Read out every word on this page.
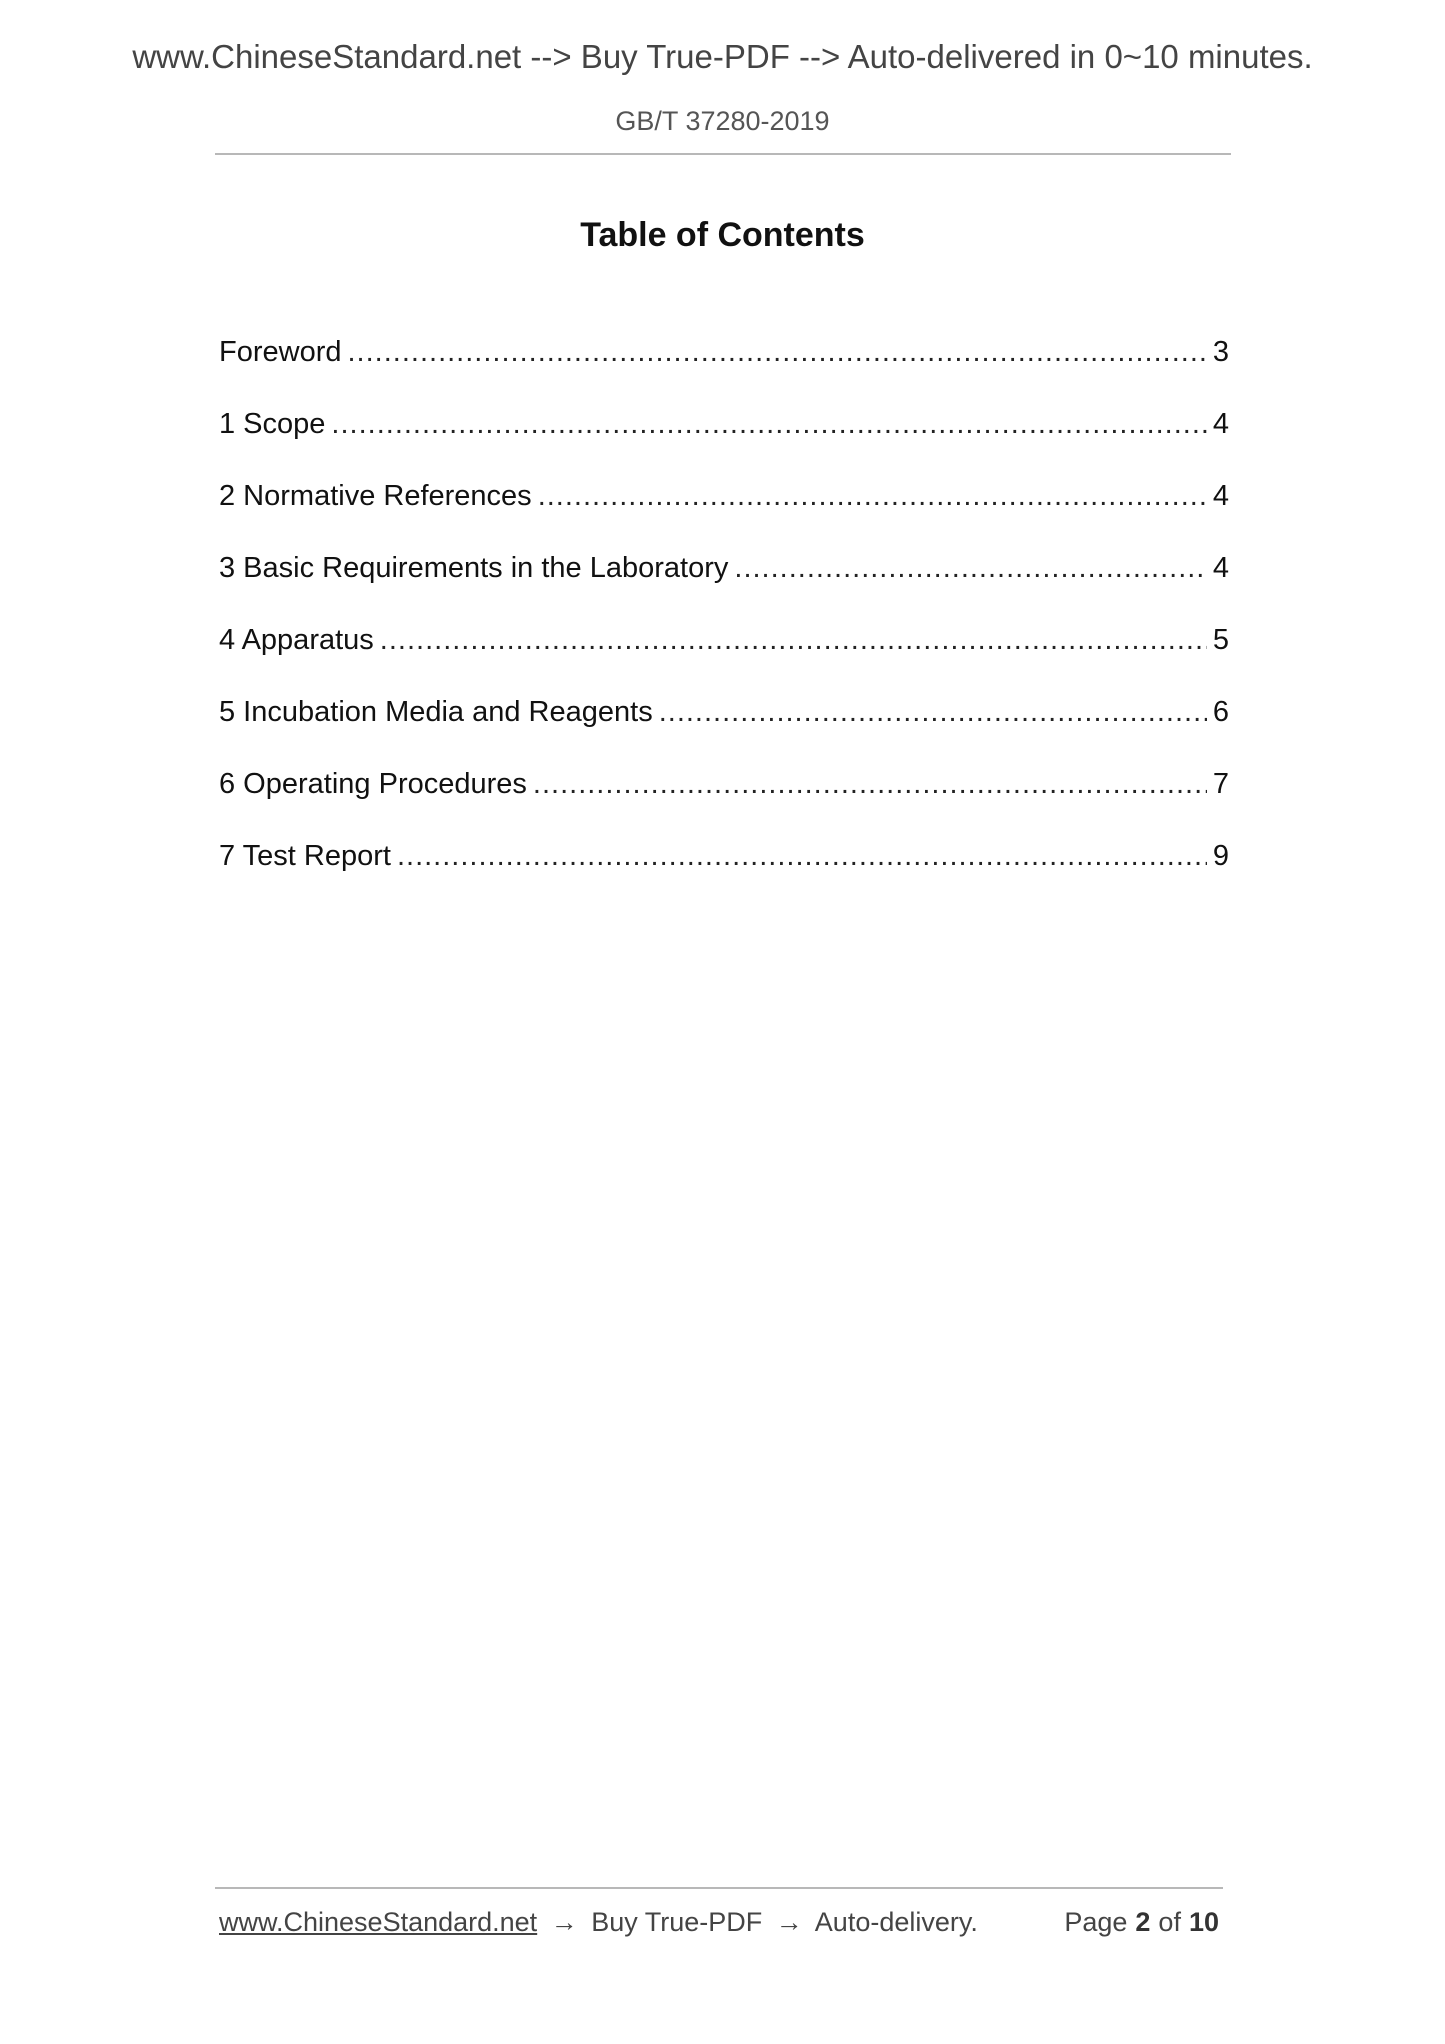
www.ChineseStandard.net --> Buy True-PDF --> Auto-delivered in 0~10 minutes.
GB/T 37280-2019
Table of Contents
Foreword .....	3
1 Scope .....	4
2 Normative References .....	4
3 Basic Requirements in the Laboratory .....	4
4 Apparatus .....	5
5 Incubation Media and Reagents .....	6
6 Operating Procedures .....	7
7 Test Report .....	9
www.ChineseStandard.net → Buy True-PDF → Auto-delivery.	Page 2 of 10
